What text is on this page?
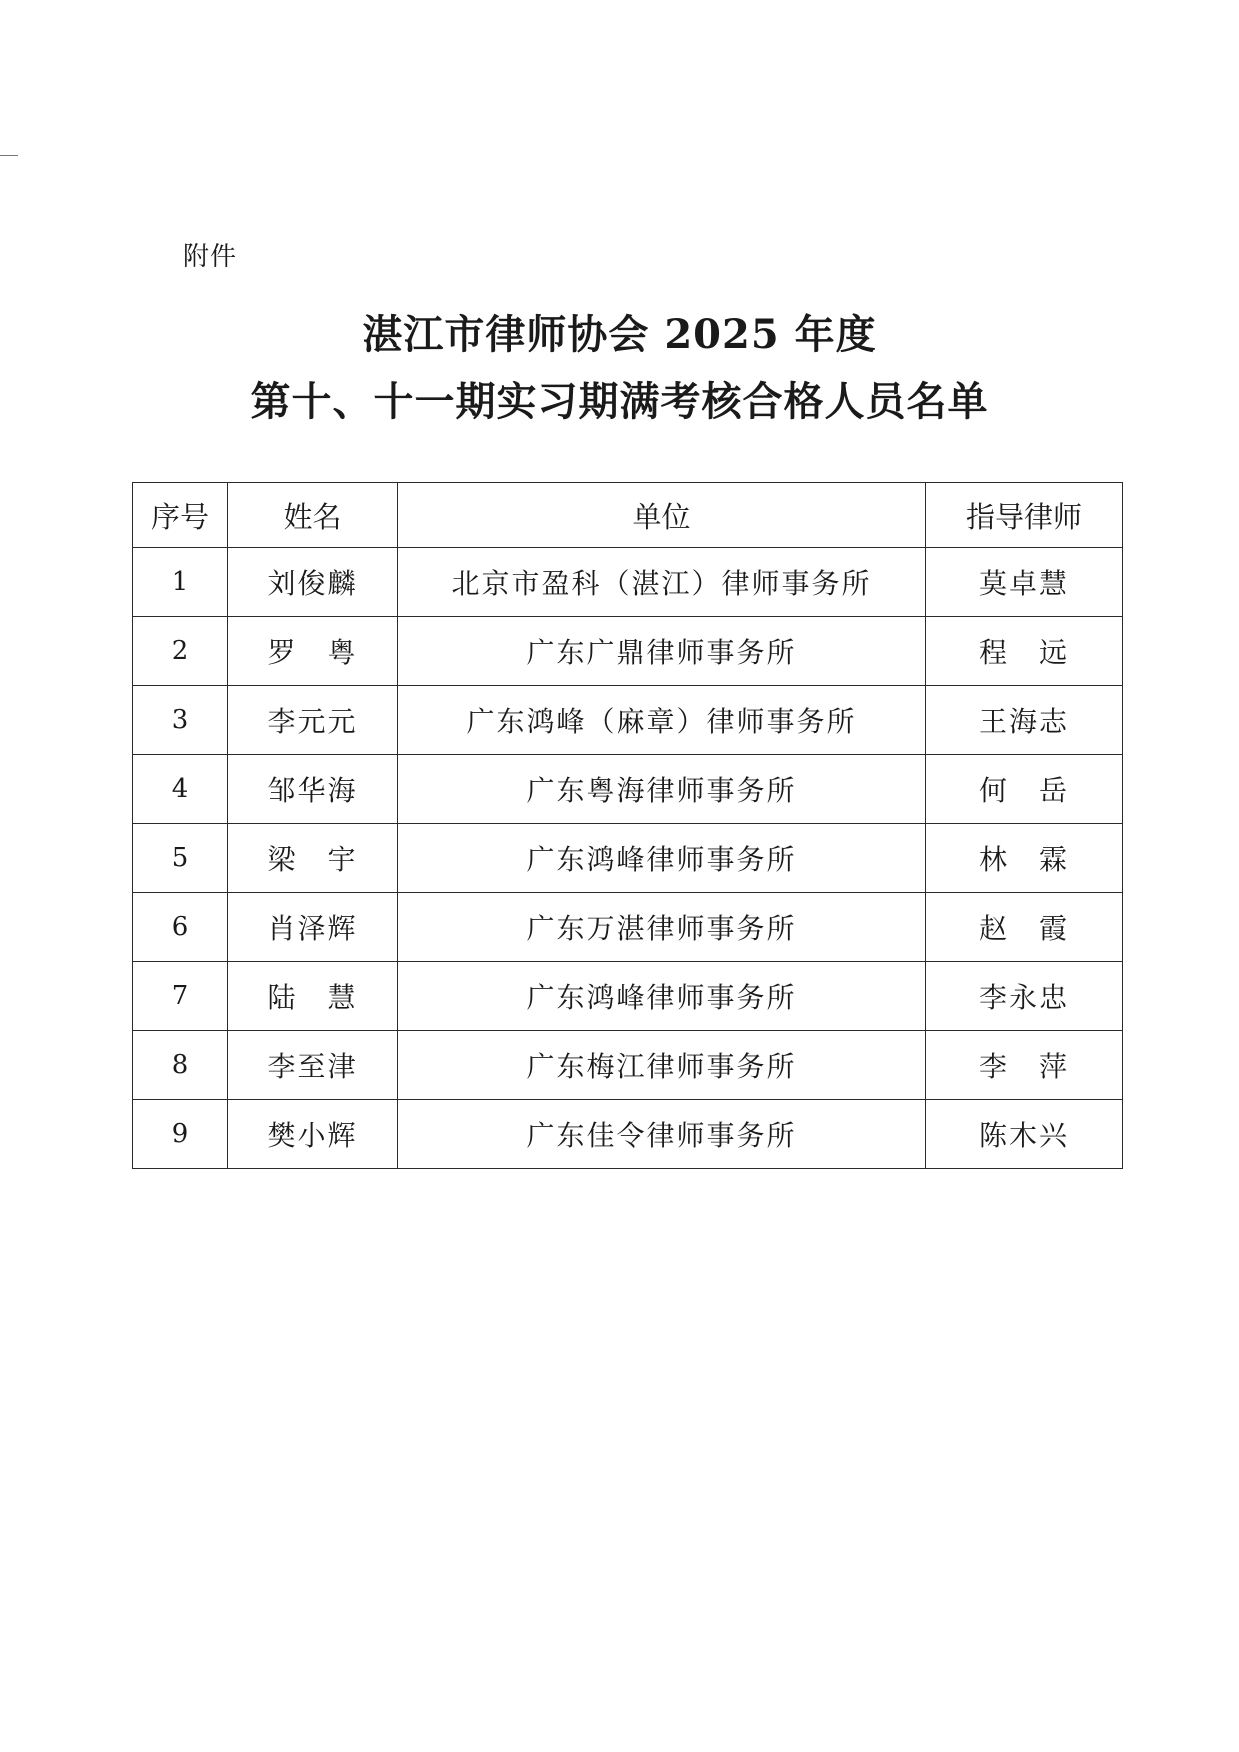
附件
湛江市律师协会 2025 年度
第十、十一期实习期满考核合格人员名单
序号	姓名	单位	指导律师
1	刘俊麟	北京市盈科（湛江）律师事务所	莫卓慧
2	罗　粤	广东广鼎律师事务所	程　远
3	李元元	广东鸿峰（麻章）律师事务所	王海志
4	邹华海	广东粤海律师事务所	何　岳
5	梁　宇	广东鸿峰律师事务所	林　霖
6	肖泽辉	广东万湛律师事务所	赵　霞
7	陆　慧	广东鸿峰律师事务所	李永忠
8	李至津	广东梅江律师事务所	李　萍
9	樊小辉	广东佳令律师事务所	陈木兴
